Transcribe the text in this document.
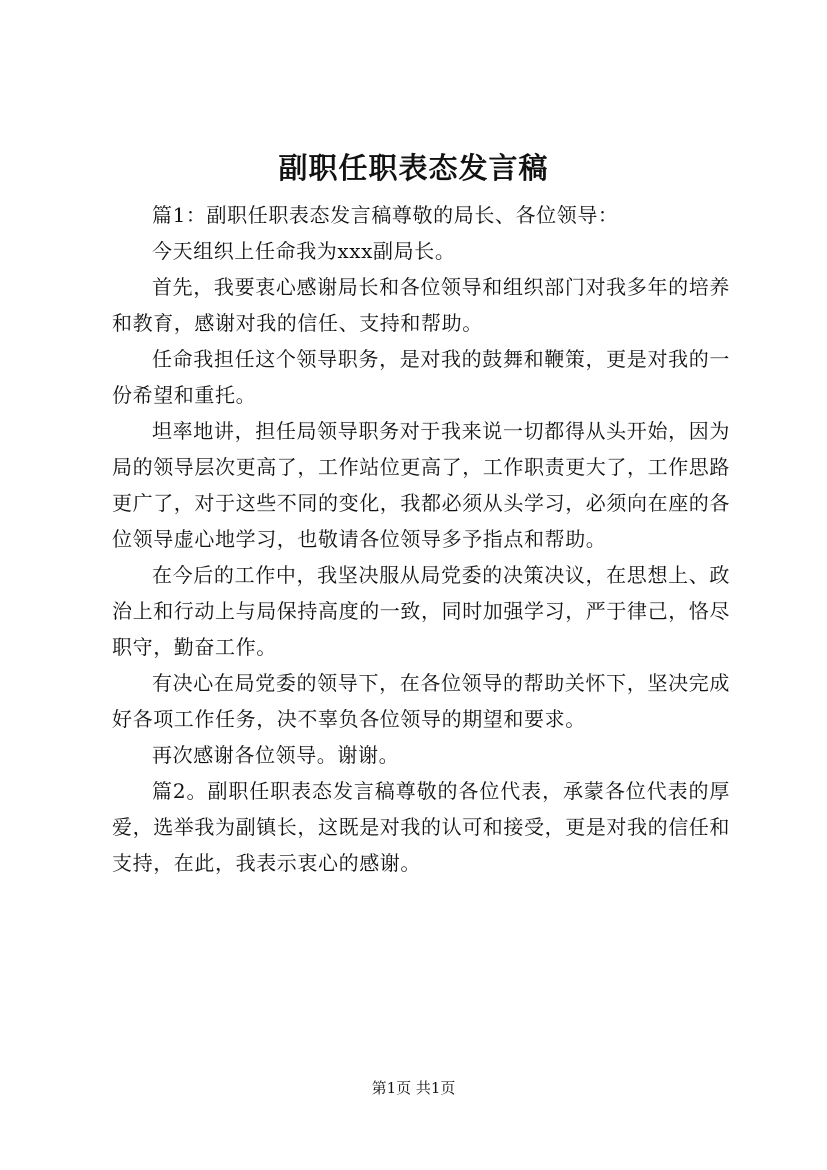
副职任职表态发言稿

篇1：副职任职表态发言稿尊敬的局长、各位领导：

今天组织上任命我为xxx副局长。

首先，我要衷心感谢局长和各位领导和组织部门对我多年的培养和教育，感谢对我的信任、支持和帮助。

任命我担任这个领导职务，是对我的鼓舞和鞭策，更是对我的一份希望和重托。

坦率地讲，担任局领导职务对于我来说一切都得从头开始，因为局的领导层次更高了，工作站位更高了，工作职责更大了，工作思路更广了，对于这些不同的变化，我都必须从头学习，必须向在座的各位领导虚心地学习，也敬请各位领导多予指点和帮助。

在今后的工作中，我坚决服从局党委的决策决议，在思想上、政治上和行动上与局保持高度的一致，同时加强学习，严于律己，恪尽职守，勤奋工作。

有决心在局党委的领导下，在各位领导的帮助关怀下，坚决完成好各项工作任务，决不辜负各位领导的期望和要求。

再次感谢各位领导。谢谢。

篇2。副职任职表态发言稿尊敬的各位代表，承蒙各位代表的厚爱，选举我为副镇长，这既是对我的认可和接受，更是对我的信任和支持，在此，我表示衷心的感谢。

第1页 共1页
